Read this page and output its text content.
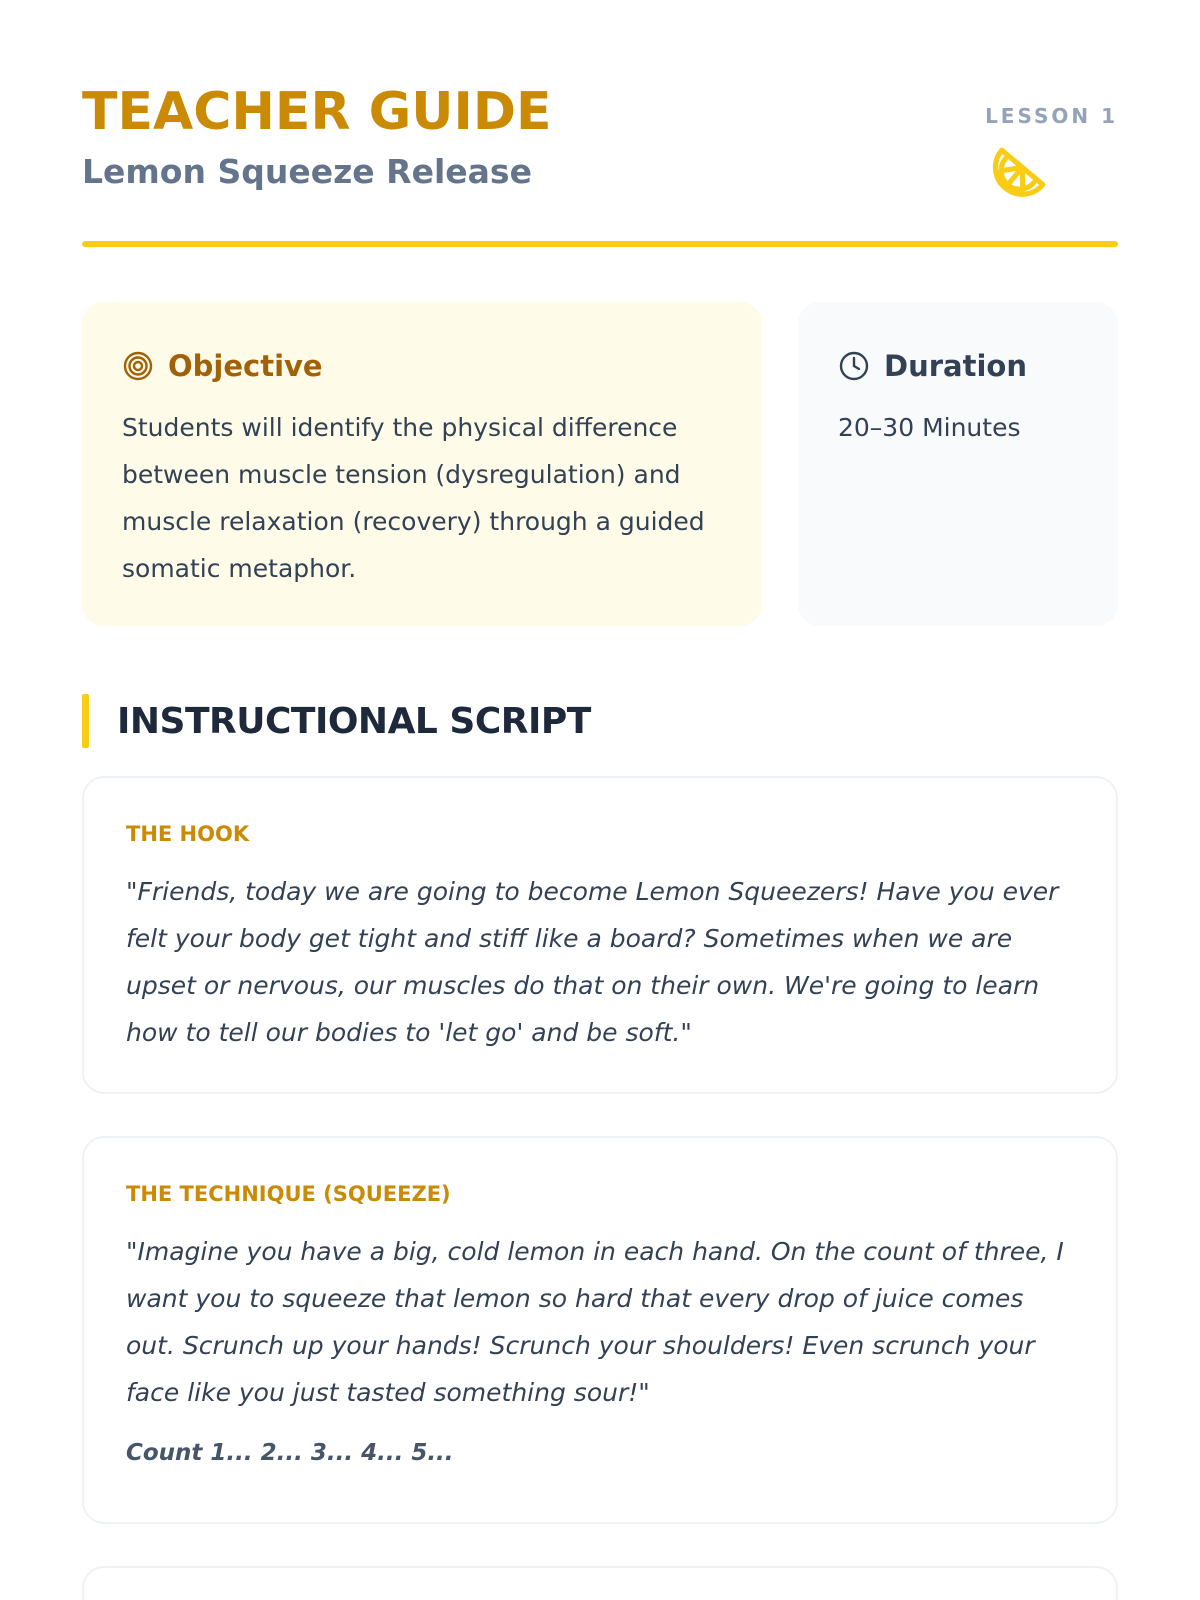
TEACHER GUIDE
Lemon Squeeze Release
LESSON 1
Objective

Students will identify the physical difference between muscle tension (dysregulation) and muscle relaxation (recovery) through a guided somatic metaphor.

Duration

20–30 Minutes

INSTRUCTIONAL SCRIPT
THE HOOK

"Friends, today we are going to become Lemon Squeezers! Have you ever felt your body get tight and stiff like a board? Sometimes when we are upset or nervous, our muscles do that on their own. We're going to learn how to tell our bodies to 'let go' and be soft."

THE TECHNIQUE (SQUEEZE)

"Imagine you have a big, cold lemon in each hand. On the count of three, I want you to squeeze that lemon so hard that every drop of juice comes out. Scrunch up your hands! Scrunch your shoulders! Even scrunch your face like you just tasted something sour!"

Count 1... 2... 3... 4... 5...
